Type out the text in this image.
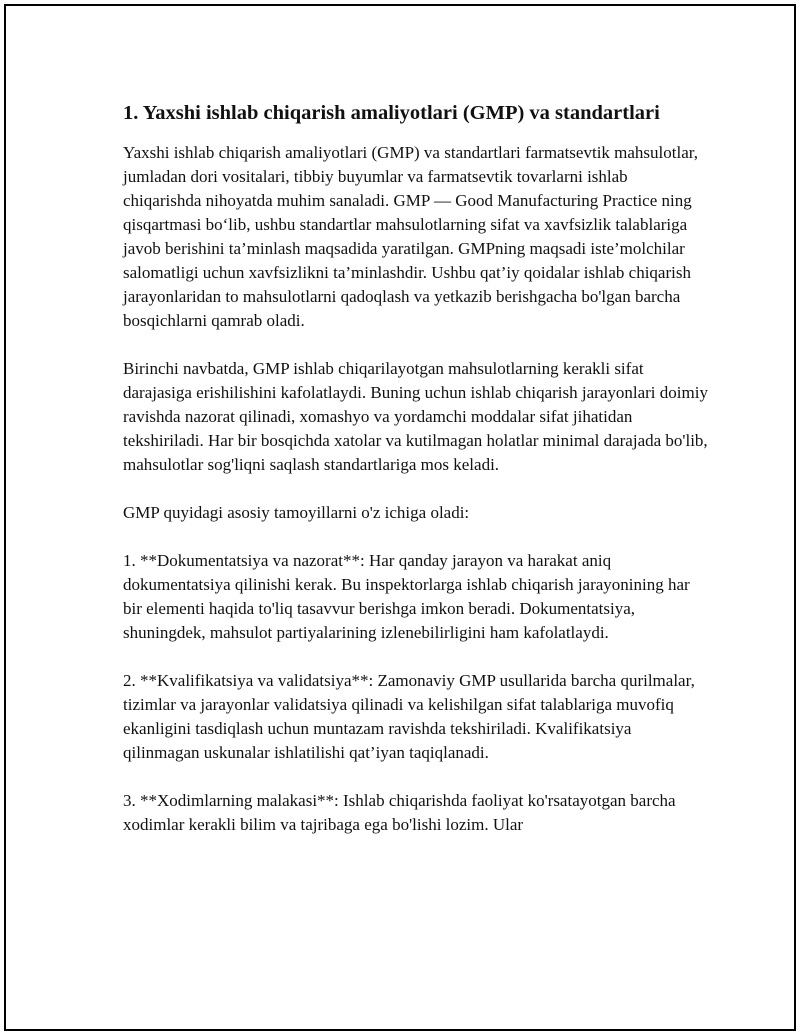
1. Yaxshi ishlab chiqarish amaliyotlari (GMP) va standartlari

Yaxshi ishlab chiqarish amaliyotlari (GMP) va standartlari farmatsevtik mahsulotlar, jumladan dori vositalari, tibbiy buyumlar va farmatsevtik tovarlarni ishlab chiqarishda nihoyatda muhim sanaladi. GMP — Good Manufacturing Practice ning qisqartmasi bo‘lib, ushbu standartlar mahsulotlarning sifat va xavfsizlik talablariga javob berishini ta’minlash maqsadida yaratilgan. GMPning maqsadi iste’molchilar salomatligi uchun xavfsizlikni ta’minlashdir. Ushbu qat’iy qoidalar ishlab chiqarish jarayonlaridan to mahsulotlarni qadoqlash va yetkazib berishgacha bo'lgan barcha bosqichlarni qamrab oladi.

Birinchi navbatda, GMP ishlab chiqarilayotgan mahsulotlarning kerakli sifat darajasiga erishilishini kafolatlaydi. Buning uchun ishlab chiqarish jarayonlari doimiy ravishda nazorat qilinadi, xomashyo va yordamchi moddalar sifat jihatidan tekshiriladi. Har bir bosqichda xatolar va kutilmagan holatlar minimal darajada bo'lib, mahsulotlar sog'liqni saqlash standartlariga mos keladi.

GMP quyidagi asosiy tamoyillarni o'z ichiga oladi:

1. **Dokumentatsiya va nazorat**: Har qanday jarayon va harakat aniq dokumentatsiya qilinishi kerak. Bu inspektorlarga ishlab chiqarish jarayonining har bir elementi haqida to'liq tasavvur berishga imkon beradi. Dokumentatsiya, shuningdek, mahsulot partiyalarining izlenebilirligini ham kafolatlaydi.

2. **Kvalifikatsiya va validatsiya**: Zamonaviy GMP usullarida barcha qurilmalar, tizimlar va jarayonlar validatsiya qilinadi va kelishilgan sifat talablariga muvofiq ekanligini tasdiqlash uchun muntazam ravishda tekshiriladi. Kvalifikatsiya qilinmagan uskunalar ishlatilishi qat’iyan taqiqlanadi.

3. **Xodimlarning malakasi**: Ishlab chiqarishda faoliyat ko'rsatayotgan barcha xodimlar kerakli bilim va tajribaga ega bo'lishi lozim. Ular
